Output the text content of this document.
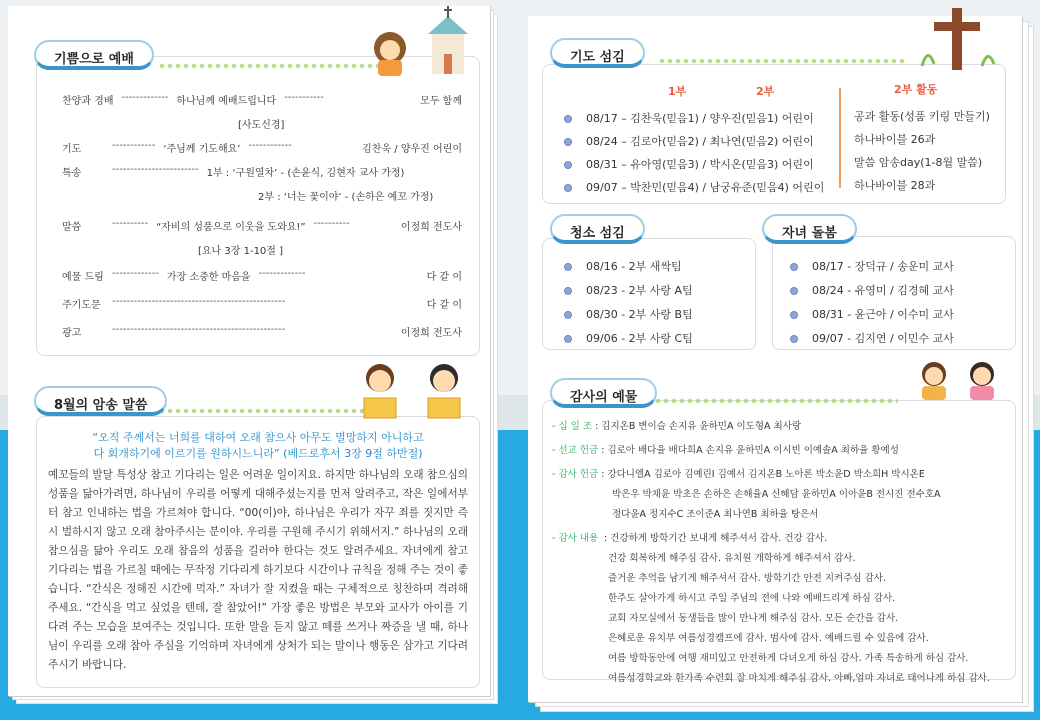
기쁨으로 예배
찬양과 경배 ------------- 하나님께 예배드립니다 -----------	모두 함께
[사도신경]
기도	------------ ‘주님께 기도해요’ ------------	김찬욱 / 양우진 어린이
특송	------------------------ 1부 : ‘구원열차’ - (손윤식, 김현자 교사 가정)
2부 : ‘너는 꽃이야’ - (손하은 예꼬 가정)
말씀	---------- “자비의 성품으로 이웃을 도와요!” ----------	이정희 전도사
[요나 3장 1-10절 ]
예물 드림 ------------- 가장 소중한 마음을 -------------	다 같 이
주기도문	------------------------------------------------	다 같 이
광고	------------------------------------------------	이정희 전도사
8월의 암송 말씀
“오직 주께서는 너희를 대하여 오래 참으사 아무도 멸망하지 아니하고
다 회개하기에 이르기를 원하시느니라” (베드로후서 3장 9절 하반절)
예꼬들의 발달 특성상 참고 기다리는 일은 어려운 일이지요. 하지만 하나님의 오래 참으심의 성품을 닮아가려면, 하나님이 우리를 어떻게 대해주셨는지를 먼저 알려주고, 작은 일에서부터 참고 인내하는 법을 가르쳐야 합니다. “00(이)야, 하나님은 우리가 자꾸 죄를 짓지만 즉시 벌하시지 않고 오래 참아주시는 분이야. 우리를 구원해 주시기 위해서지.” 하나님의 오래 참으심을 닮아 우리도 오래 참음의 성품을 길러야 한다는 것도 알려주세요. 자녀에게 참고 기다리는 법을 가르칠 때에는 무작정 기다리게 하기보다 시간이나 규칙을 정해 주는 것이 좋습니다. “간식은 정해진 시간에 먹자.” 자녀가 잘 지켰을 때는 구체적으로 칭찬하며 격려해 주세요. “간식을 먹고 싶었을 텐데, 잘 참았어!” 가장 좋은 방법은 부모와 교사가 아이를 기다려 주는 모습을 보여주는 것입니다. 또한 말을 듣지 않고 떼를 쓰거나 짜증을 낼 때, 하나님이 우리를 오래 참아 주심을 기억하며 자녀에게 상처가 되는 말이나 행동은 삼가고 기다려 주시기 바랍니다.
기도 섬김
1부	2부	2부 활동
08/17 – 김찬욱(믿음1) / 양우진(믿음1) 어린이	공과 활동(성품 키링 만들기)
08/24 – 김로아(믿음2) / 최나연(믿음2) 어린이	하나바이블 26과
08/31 – 유아영(믿음3) / 박시온(믿음3) 어린이	말씀 암송day(1-8월 말씀)
09/07 – 박찬민(믿음4) / 남궁유준(믿음4) 어린이	하나바이블 28과
청소 섬김
08/16 - 2부 새싹팀
08/23 - 2부 사랑 A팀
08/30 - 2부 사랑 B팀
09/06 - 2부 사랑 C팀
자녀 돌봄
08/17 - 장덕규 / 송운미 교사
08/24 - 유영미 / 김경혜 교사
08/31 - 윤근아 / 이수미 교사
09/07 - 김지연 / 이민수 교사
감사의 예물
- 십 일 조 : 김지온B 변이슬 손지유 윤하민A 이도형A 최사랑
- 선교 헌금 : 김로아 배다율 배다희A 손지유 윤하민A 이시빈 이예솔A 최하율 황예성
- 감사 헌금 : 강다니엘A 김로아 김예린I 김예서 김지온B 노아론 박소윤D 박소희H 박시온E
박은우 박채윤 박초은 손하은 손해율A 신혜담 윤하민A 이아윤B 전시진 전수호A
정다윤A 정지수C 조이준A 최나연B 최하율 탕은서
- 감사 내용 : 건강하게 방학기간 보내게 해주셔서 감사. 건강 감사.
건강 회복하게 해주심 감사. 유치원 개학하게 해주셔서 감사.
즐거운 추억을 남기게 해주셔서 감사. 방학기간 안전 지켜주심 감사.
한주도 살아가게 하시고 주일 주님의 전에 나와 예배드리게 하심 감사.
교회 자모실에서 동생들을 많이 만나게 해주심 감사. 모든 순간을 감사.
은혜로운 유치부 여름성경캠프에 감사. 범사에 감사. 예배드릴 수 있음에 감사.
여름 방학동안에 여행 재미있고 안전하게 다녀오게 하심 감사. 가족 특송하게 하심 감사.
여름성경학교와 한가족 수련회 잘 마치게 해주심 감사. 아빠,엄마 자녀로 태어나게 하심 감사.
